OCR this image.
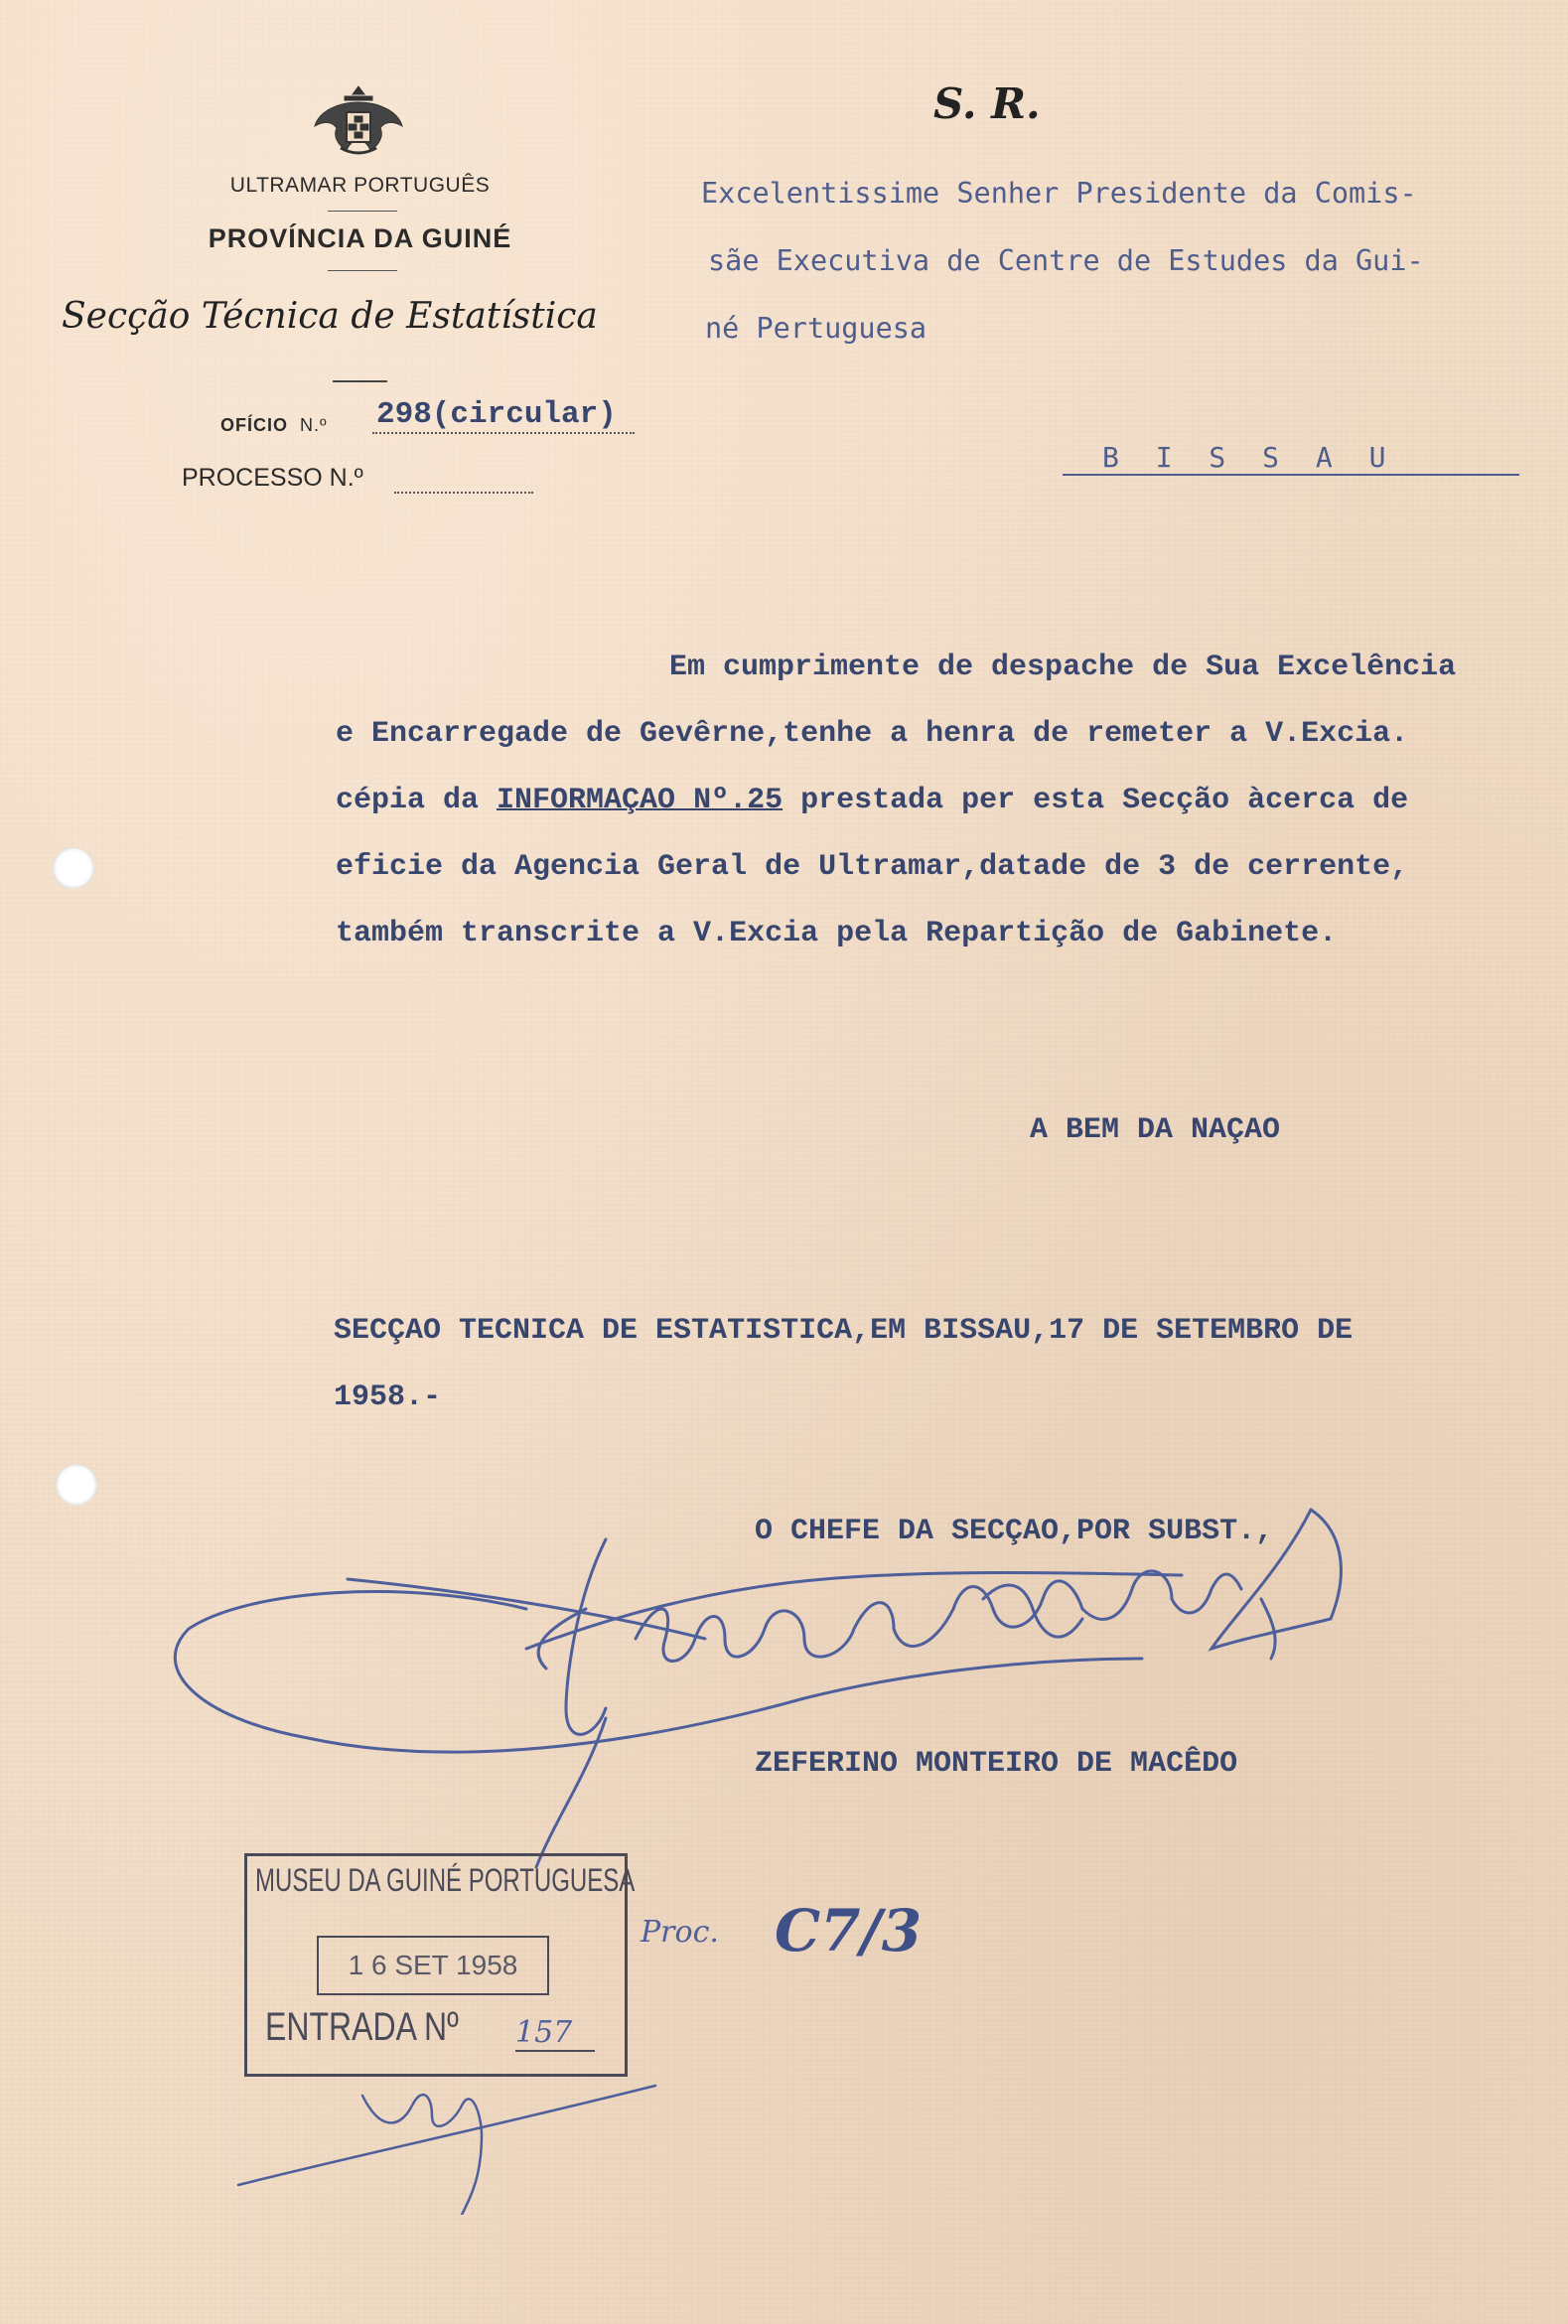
ULTRAMAR PORTUGUÊS
PROVÍNCIA DA GUINÉ
Secção Técnica de Estatística
OFÍCIO N.º 298(circular)
PROCESSO N.º
S. R.
Excelentissime Senher Presidente da Comis-
sãe Executiva de Centre de Estudes da Gui-
né Pertuguesa
B I S S A U
Em cumprimente de despache de Sua Excelência
e Encarregade de Gevêrne,tenhe a henra de remeter a V.Excia.
cépia da INFORMAÇAO Nº.25 prestada per esta Secção àcerca de
eficie da Agencia Geral de Ultramar,datade de 3 de cerrente,
também transcrite a V.Excia pela Repartição de Gabinete.
A BEM DA NAÇAO
SECÇAO TECNICA DE ESTATISTICA,EM BISSAU,17 DE SETEMBRO DE
1958.-
O CHEFE DA SECÇAO,POR SUBST.,
ZEFERINO MONTEIRO DE MACÊDO
MUSEU DA GUINÉ PORTUGUESA
1 6 SET 1958
ENTRADA Nº 157
Proc. C7/3
